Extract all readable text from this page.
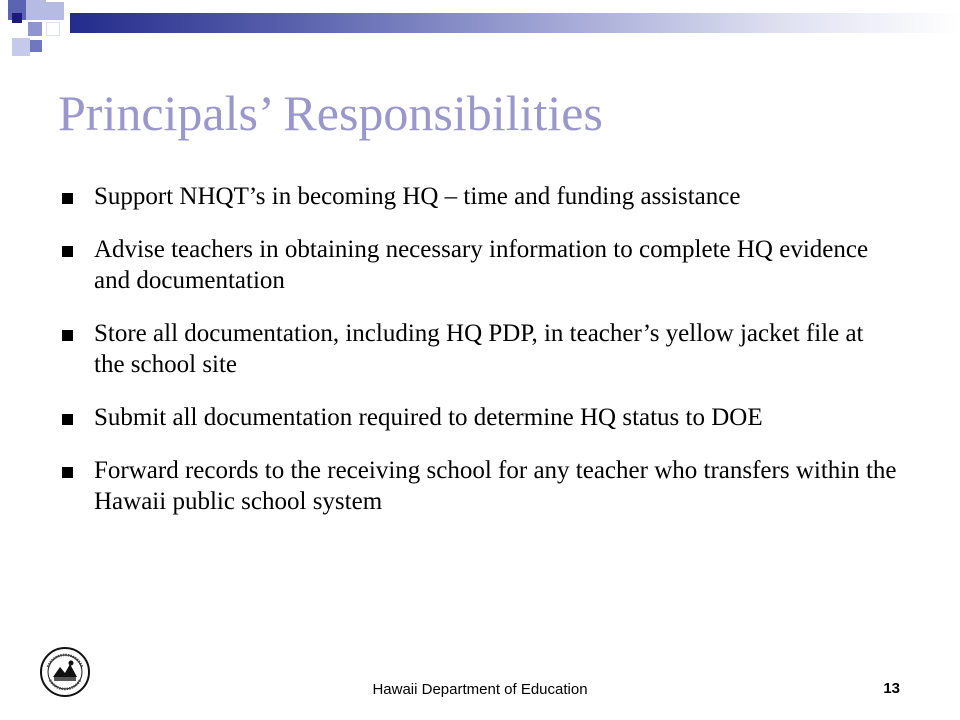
Principals’ Responsibilities
Support NHQT’s in becoming HQ – time and funding assistance
Advise teachers in obtaining necessary information to complete HQ evidence and documentation
Store all documentation, including HQ PDP, in teacher’s yellow jacket file at the school site
Submit all documentation required to determine HQ status to DOE
Forward records to the receiving school for any teacher who transfers within the Hawaii public school system
Hawaii Department of Education	13
